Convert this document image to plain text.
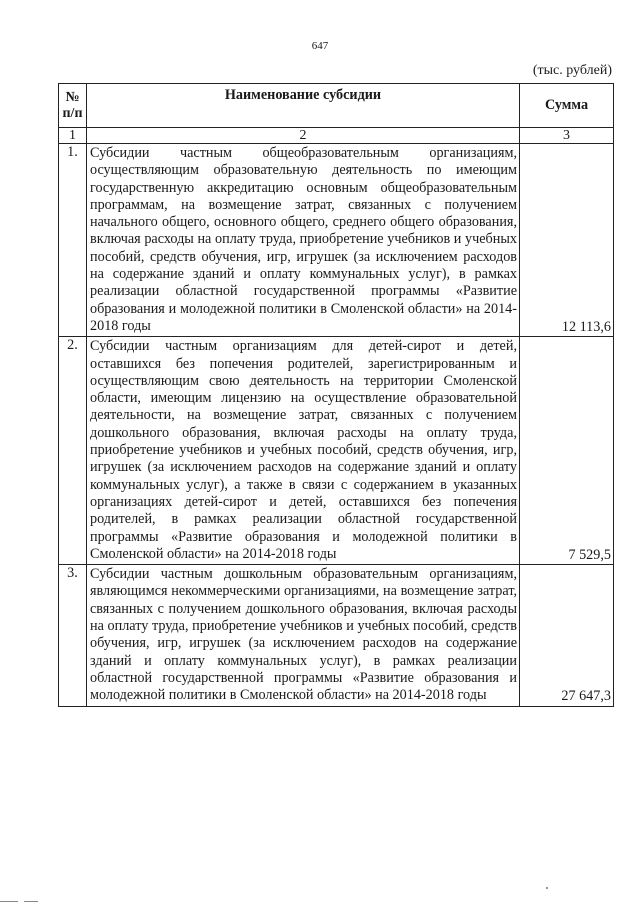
647
(тыс. рублей)
№ п/п	Наименование субсидии	Сумма
1	2	3
1.	Субсидии частным общеобразовательным организациям, осуществляющим образовательную деятельность по имеющим государственную аккредитацию основным общеобразовательным программам, на возмещение затрат, связанных с получением начального общего, основного общего, среднего общего образования, включая расходы на оплату труда, приобретение учебников и учебных пособий, средств обучения, игр, игрушек (за исключением расходов на содержание зданий и оплату коммунальных услуг), в рамках реализации областной государственной программы «Развитие образования и молодежной политики в Смоленской области» на 2014-2018 годы	12 113,6
2.	Субсидии частным организациям для детей-сирот и детей, оставшихся без попечения родителей, зарегистрированным и осуществляющим свою деятельность на территории Смоленской области, имеющим лицензию на осуществление образовательной деятельности, на возмещение затрат, связанных с получением дошкольного образования, включая расходы на оплату труда, приобретение учебников и учебных пособий, средств обучения, игр, игрушек (за исключением расходов на содержание зданий и оплату коммунальных услуг), а также в связи с содержанием в указанных организациях детей-сирот и детей, оставшихся без попечения родителей, в рамках реализации областной государственной программы «Развитие образования и молодежной политики в Смоленской области» на 2014-2018 годы	7 529,5
3.	Субсидии частным дошкольным образовательным организациям, являющимся некоммерческими организациями, на возмещение затрат, связанных с получением дошкольного образования, включая расходы на оплату труда, приобретение учебников и учебных пособий, средств обучения, игр, игрушек (за исключением расходов на содержание зданий и оплату коммунальных услуг), в рамках реализации областной государственной программы «Развитие образования и молодежной политики в Смоленской области» на 2014-2018 годы	27 647,3
